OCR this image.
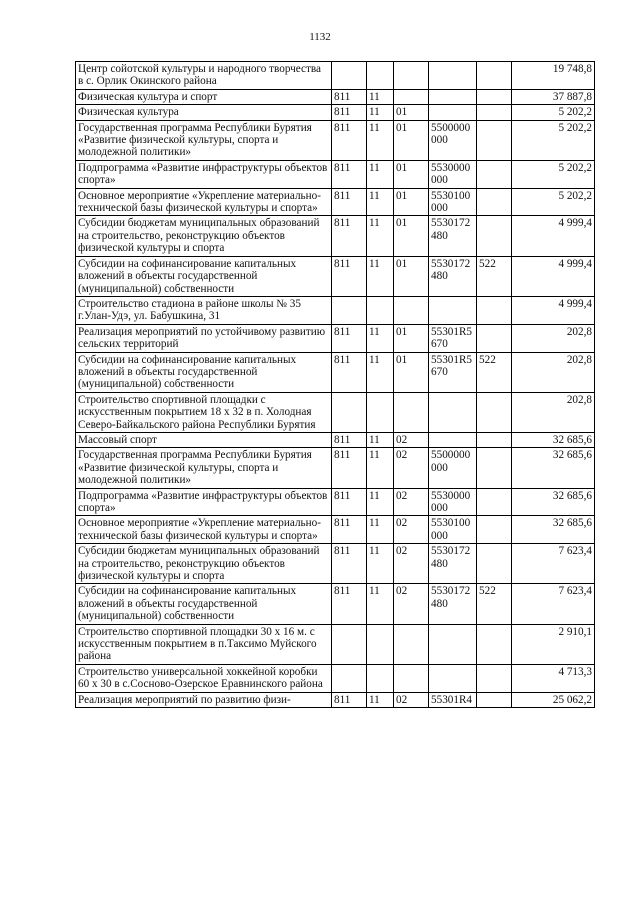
1132
Центр сойотской культуры и народного творчества в с. Орлик Окинского района						19 748,8
Физическая культура и спорт	811	11				37 887,8
Физическая культура	811	11	01			5 202,2
Государственная программа Республики Бурятия «Развитие физической культуры, спорта и молодежной политики»	811	11	01	5500000 000		5 202,2
Подпрограмма «Развитие инфраструктуры объектов спорта»	811	11	01	5530000 000		5 202,2
Основное мероприятие «Укрепление материально-технической базы физической культуры и спорта»	811	11	01	5530100 000		5 202,2
Субсидии бюджетам муниципальных образований на строительство, реконструкцию объектов физической культуры и спорта	811	11	01	5530172 480		4 999,4
Субсидии на софинансирование капитальных вложений в объекты государственной (муниципальной) собственности	811	11	01	5530172 480	522	4 999,4
Строительство стадиона в районе школы № 35 г.Улан-Удэ, ул. Бабушкина, 31						4 999,4
Реализация мероприятий по устойчивому развитию сельских территорий	811	11	01	55301R5 670		202,8
Субсидии на софинансирование капитальных вложений в объекты государственной (муниципальной) собственности	811	11	01	55301R5 670	522	202,8
Строительство спортивной площадки с искусственным покрытием 18 x 32 в п. Холодная Северо-Байкальского района Республики Бурятия						202,8
Массовый спорт	811	11	02			32 685,6
Государственная программа Республики Бурятия «Развитие физической культуры, спорта и молодежной политики»	811	11	02	5500000 000		32 685,6
Подпрограмма «Развитие инфраструктуры объектов спорта»	811	11	02	5530000 000		32 685,6
Основное мероприятие «Укрепление материально-технической базы физической культуры и спорта»	811	11	02	5530100 000		32 685,6
Субсидии бюджетам муниципальных образований на строительство, реконструкцию объектов физической культуры и спорта	811	11	02	5530172 480		7 623,4
Субсидии на софинансирование капитальных вложений в объекты государственной (муниципальной) собственности	811	11	02	5530172 480	522	7 623,4
Строительство спортивной площадки 30 х 16 м. с искусственным покрытием в п.Таксимо Муйского района						2 910,1
Строительство универсальной хоккейной коробки 60 х 30 в с.Сосново-Озерское Еравнинского района						4 713,3
Реализация мероприятий по развитию физи-	811	11	02	55301R4		25 062,2
